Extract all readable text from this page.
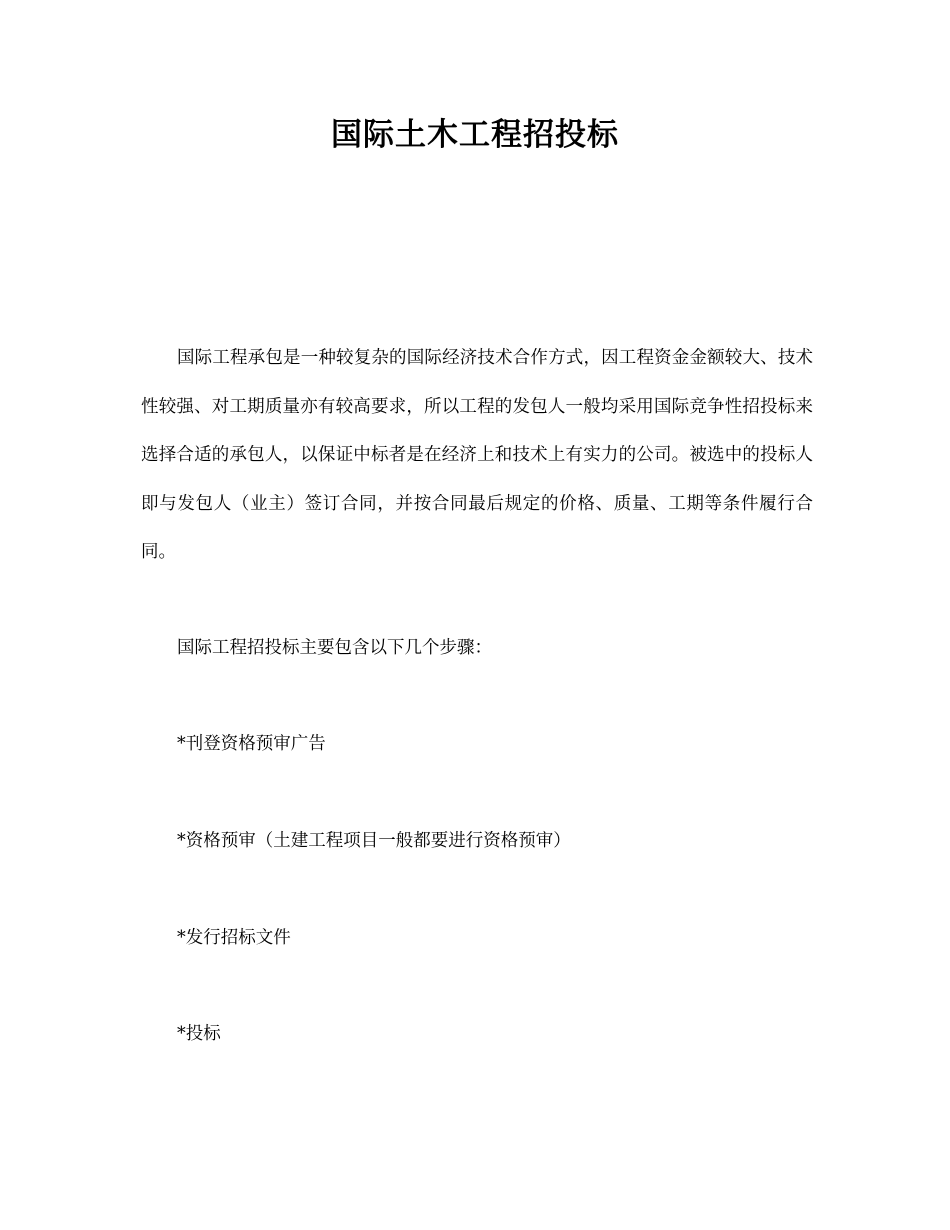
国际土木工程招投标

国际工程承包是一种较复杂的国际经济技术合作方式，因工程资金金额较大、技术性较强、对工期质量亦有较高要求，所以工程的发包人一般均采用国际竞争性招投标来选择合适的承包人，以保证中标者是在经济上和技术上有实力的公司。被选中的投标人即与发包人（业主）签订合同，并按合同最后规定的价格、质量、工期等条件履行合同。

国际工程招投标主要包含以下几个步骤：

*刊登资格预审广告

*资格预审（土建工程项目一般都要进行资格预审）

*发行招标文件

*投标
